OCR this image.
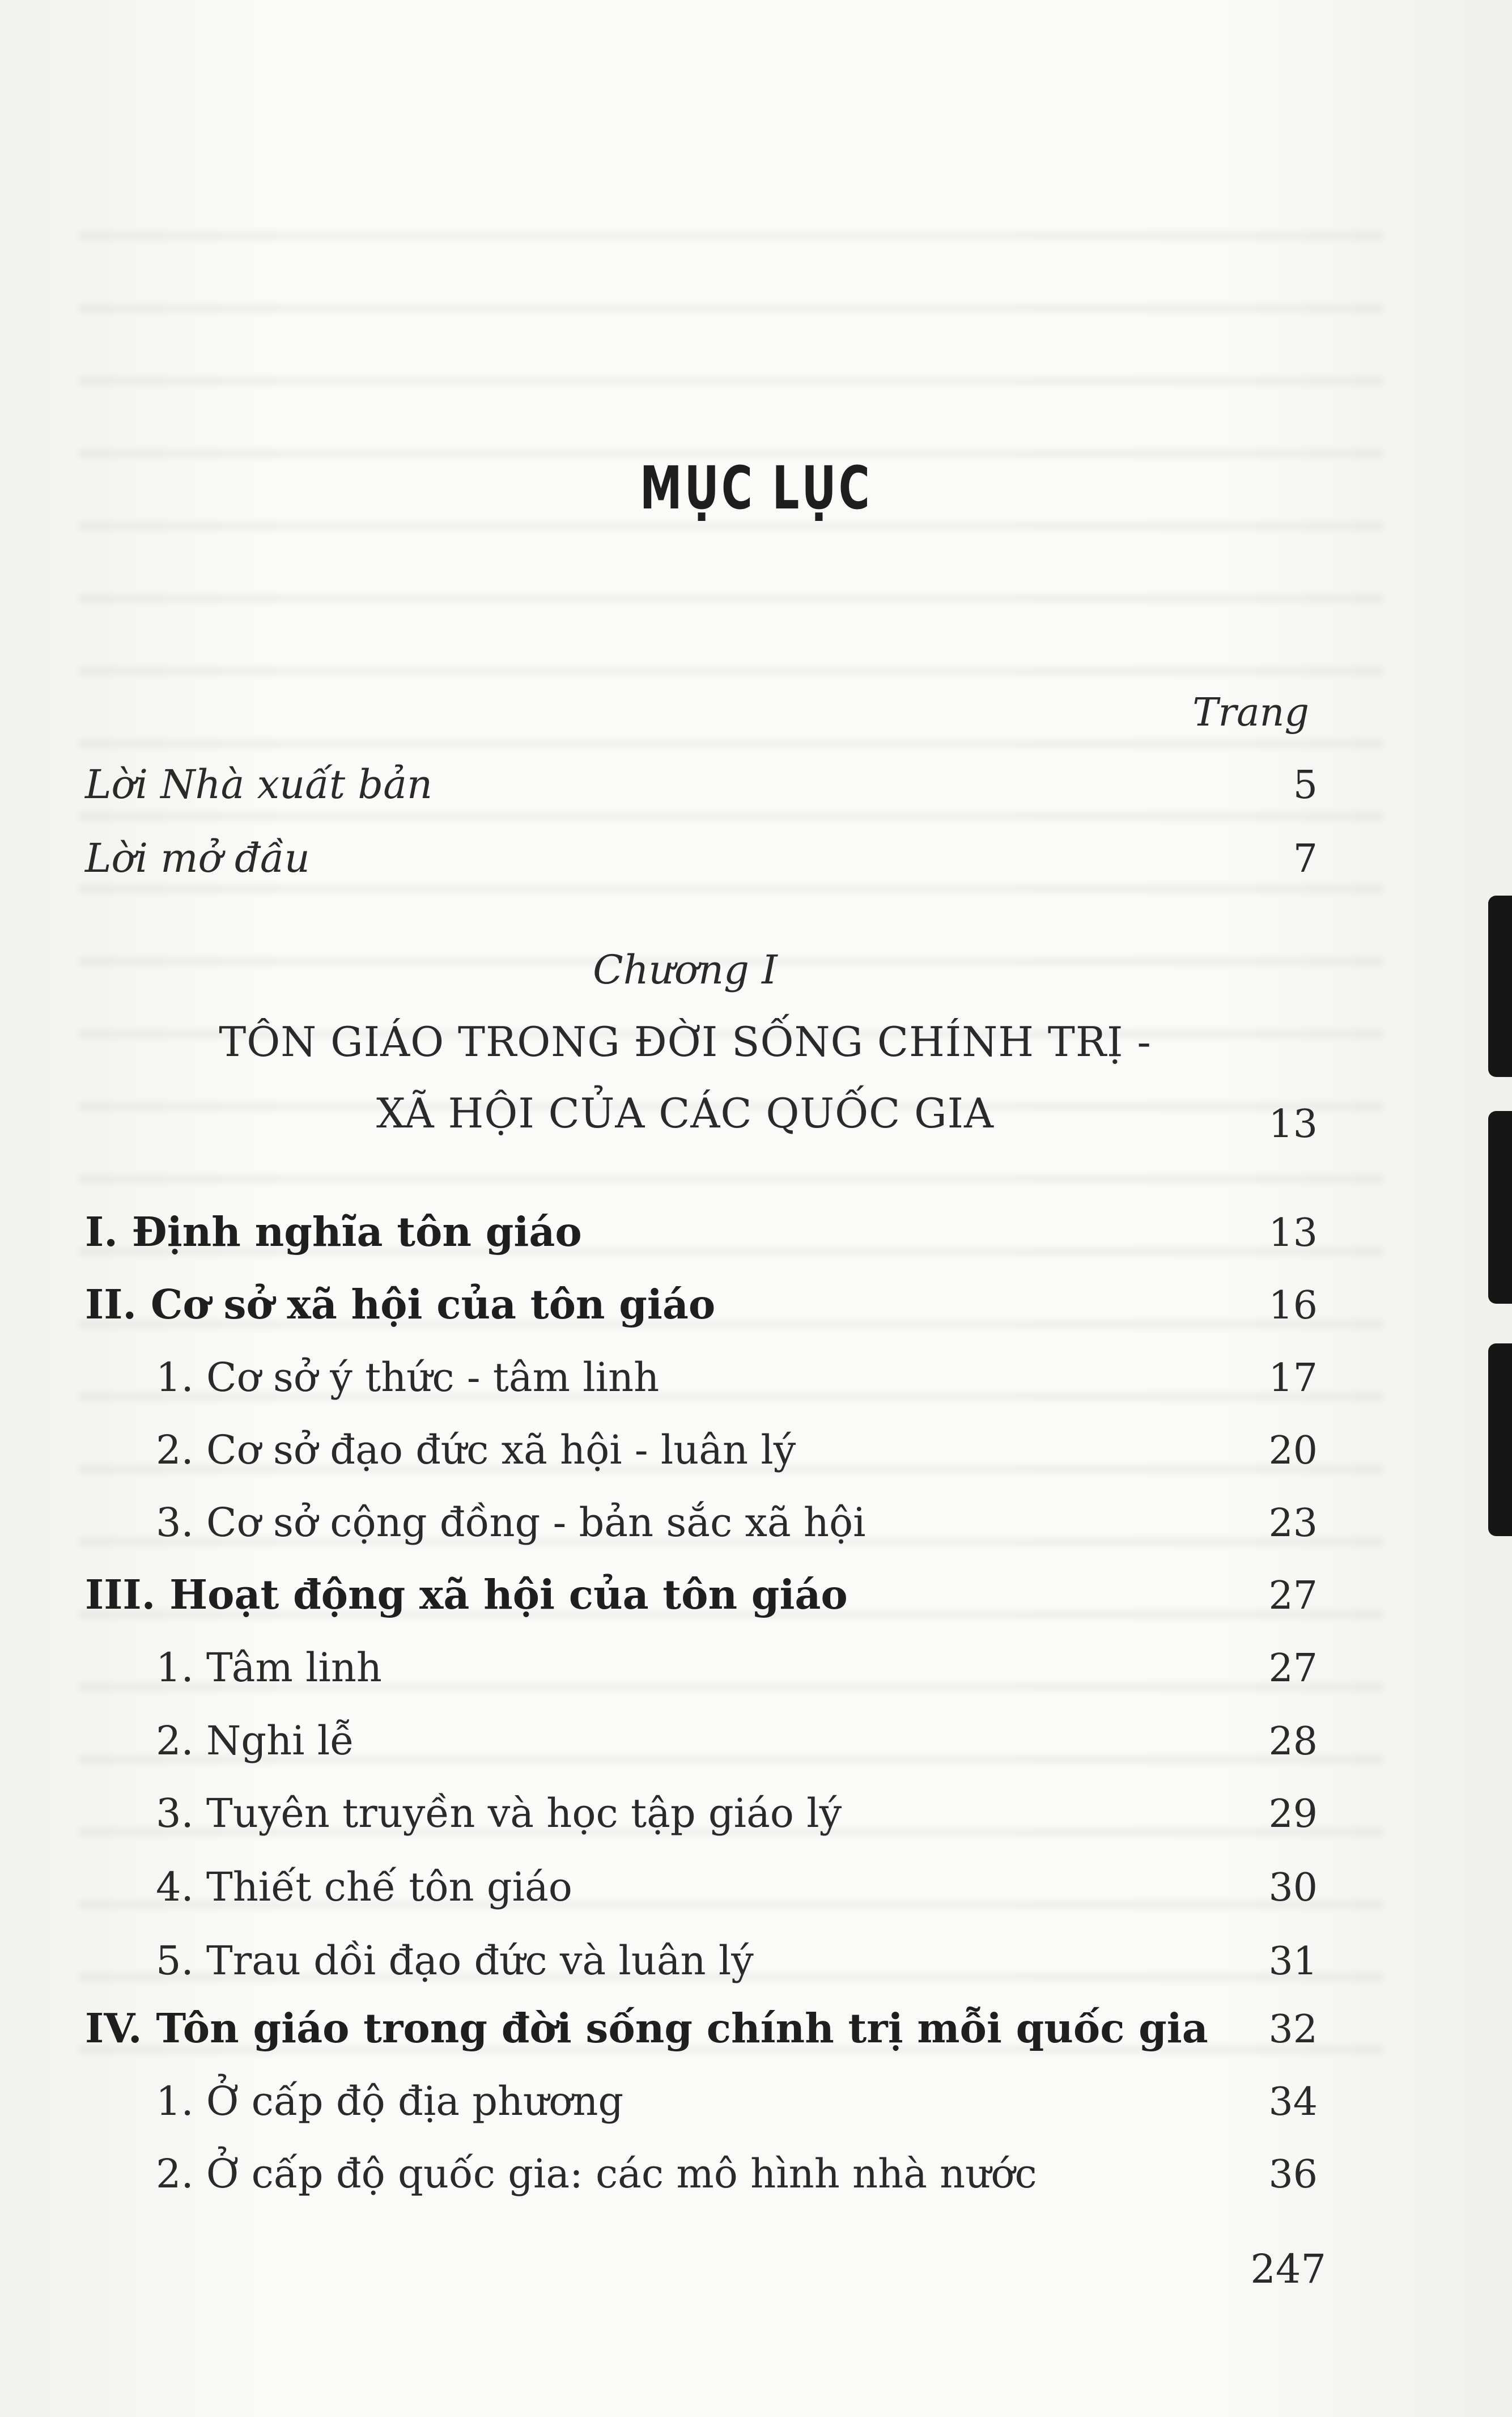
MỤC LỤC
Trang
Lời Nhà xuất bản	5
Lời mở đầu	7
Chương I
TÔN GIÁO TRONG ĐỜI SỐNG CHÍNH TRỊ -
XÃ HỘI CỦA CÁC QUỐC GIA	13
I. Định nghĩa tôn giáo	13
II. Cơ sở xã hội của tôn giáo	16
1. Cơ sở ý thức - tâm linh	17
2. Cơ sở đạo đức xã hội - luân lý	20
3. Cơ sở cộng đồng - bản sắc xã hội	23
III. Hoạt động xã hội của tôn giáo	27
1. Tâm linh	27
2. Nghi lễ	28
3. Tuyên truyền và học tập giáo lý	29
4. Thiết chế tôn giáo	30
5. Trau dồi đạo đức và luân lý	31
IV. Tôn giáo trong đời sống chính trị mỗi quốc gia 32
1. Ở cấp độ địa phương	34
2. Ở cấp độ quốc gia: các mô hình nhà nước	36
247
